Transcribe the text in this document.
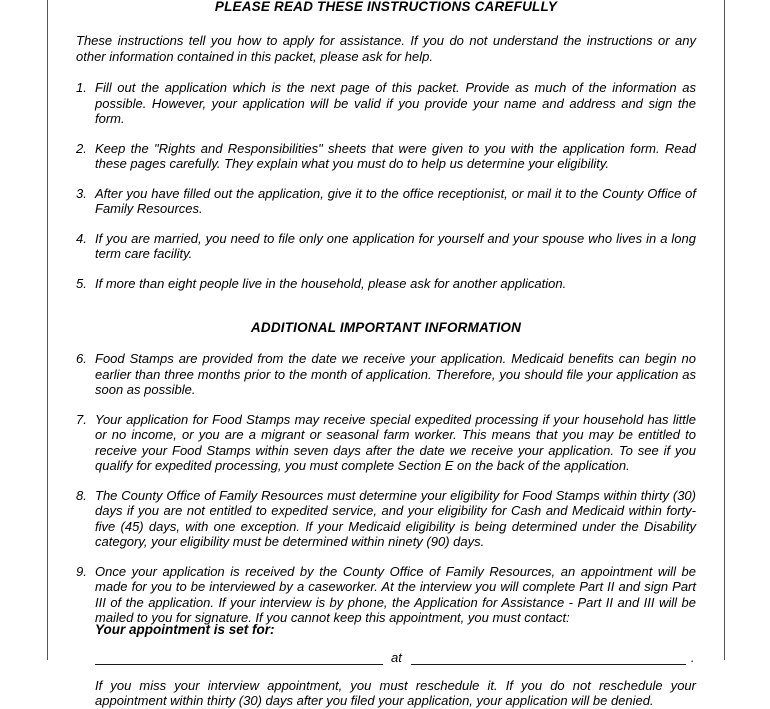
PLEASE READ THESE INSTRUCTIONS CAREFULLY

These instructions tell you how to apply for assistance. If you do not understand the instructions or any other information contained in this packet, please ask for help.

1. Fill out the application which is the next page of this packet. Provide as much of the information as possible. However, your application will be valid if you provide your name and address and sign the form.
2. Keep the "Rights and Responsibilities" sheets that were given to you with the application form. Read these pages carefully. They explain what you must do to help us determine your eligibility.
3. After you have filled out the application, give it to the office receptionist, or mail it to the County Office of Family Resources.
4. If you are married, you need to file only one application for yourself and your spouse who lives in a long term care facility.
5. If more than eight people live in the household, please ask for another application.
ADDITIONAL IMPORTANT INFORMATION
6. Food Stamps are provided from the date we receive your application. Medicaid benefits can begin no earlier than three months prior to the month of application. Therefore, you should file your application as soon as possible.
7. Your application for Food Stamps may receive special expedited processing if your household has little or no income, or you are a migrant or seasonal farm worker. This means that you may be entitled to receive your Food Stamps within seven days after the date we receive your application. To see if you qualify for expedited processing, you must complete Section E on the back of the application.
8. The County Office of Family Resources must determine your eligibility for Food Stamps within thirty (30) days if you are not entitled to expedited service, and your eligibility for Cash and Medicaid within forty-five (45) days, with one exception. If your Medicaid eligibility is being determined under the Disability category, your eligibility must be determined within ninety (90) days.
9. Once your application is received by the County Office of Family Resources, an appointment will be made for you to be interviewed by a caseworker. At the interview you will complete Part II and sign Part III of the application. If your interview is by phone, the Application for Assistance - Part II and III will be mailed to you for signature. If you cannot keep this appointment, you must contact:
at	.

If you miss your interview appointment, you must reschedule it. If you do not reschedule your appointment within thirty (30) days after you filed your application, your application will be denied.

Your appointment is set for:
